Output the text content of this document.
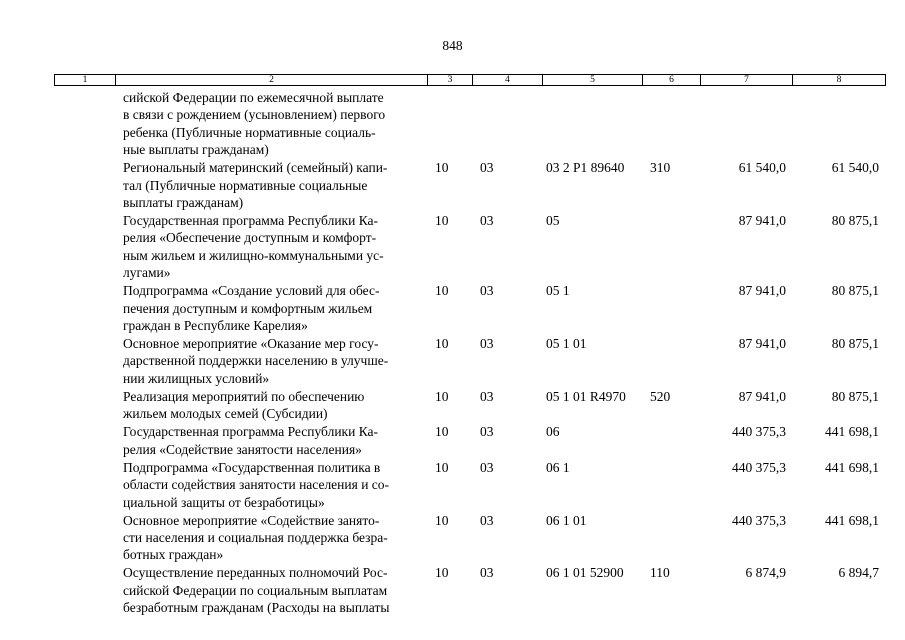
848
1	2	3	4	5	6	7	8

	сийской Федерации по ежемесячной выплате
в связи с рождением (усыновлением) первого
ребенка (Публичные нормативные социаль-
ные выплаты гражданам)						

	Региональный материнский (семейный) капи-
тал (Публичные нормативные социальные
выплаты гражданам)	10	03	03 2 Р1 89640	310	61 540,0	61 540,0

	Государственная программа Республики Ка-
релия «Обеспечение доступным и комфорт-
ным жильем и жилищно-коммунальными ус-
лугами»	10	03	05		87 941,0	80 875,1

	Подпрограмма «Создание условий для обес-
печения доступным и комфортным жильем
граждан в Республике Карелия»	10	03	05 1		87 941,0	80 875,1

	Основное мероприятие «Оказание мер госу-
дарственной поддержки населению в улучше-
нии жилищных условий»	10	03	05 1 01		87 941,0	80 875,1

	Реализация мероприятий по обеспечению
жильем молодых семей (Субсидии)	10	03	05 1 01 R4970	520	87 941,0	80 875,1

	Государственная программа Республики Ка-
релия «Содействие занятости населения»	10	03	06		440 375,3	441 698,1

	Подпрограмма «Государственная политика в
области содействия занятости населения и со-
циальной защиты от безработицы»	10	03	06 1		440 375,3	441 698,1

	Основное мероприятие «Содействие занято-
сти населения и социальная поддержка безра-
ботных граждан»	10	03	06 1 01		440 375,3	441 698,1

	Осуществление переданных полномочий Рос-
сийской Федерации по социальным выплатам
безработным гражданам (Расходы на выплаты	10	03	06 1 01 52900	110	6 874,9	6 894,7
